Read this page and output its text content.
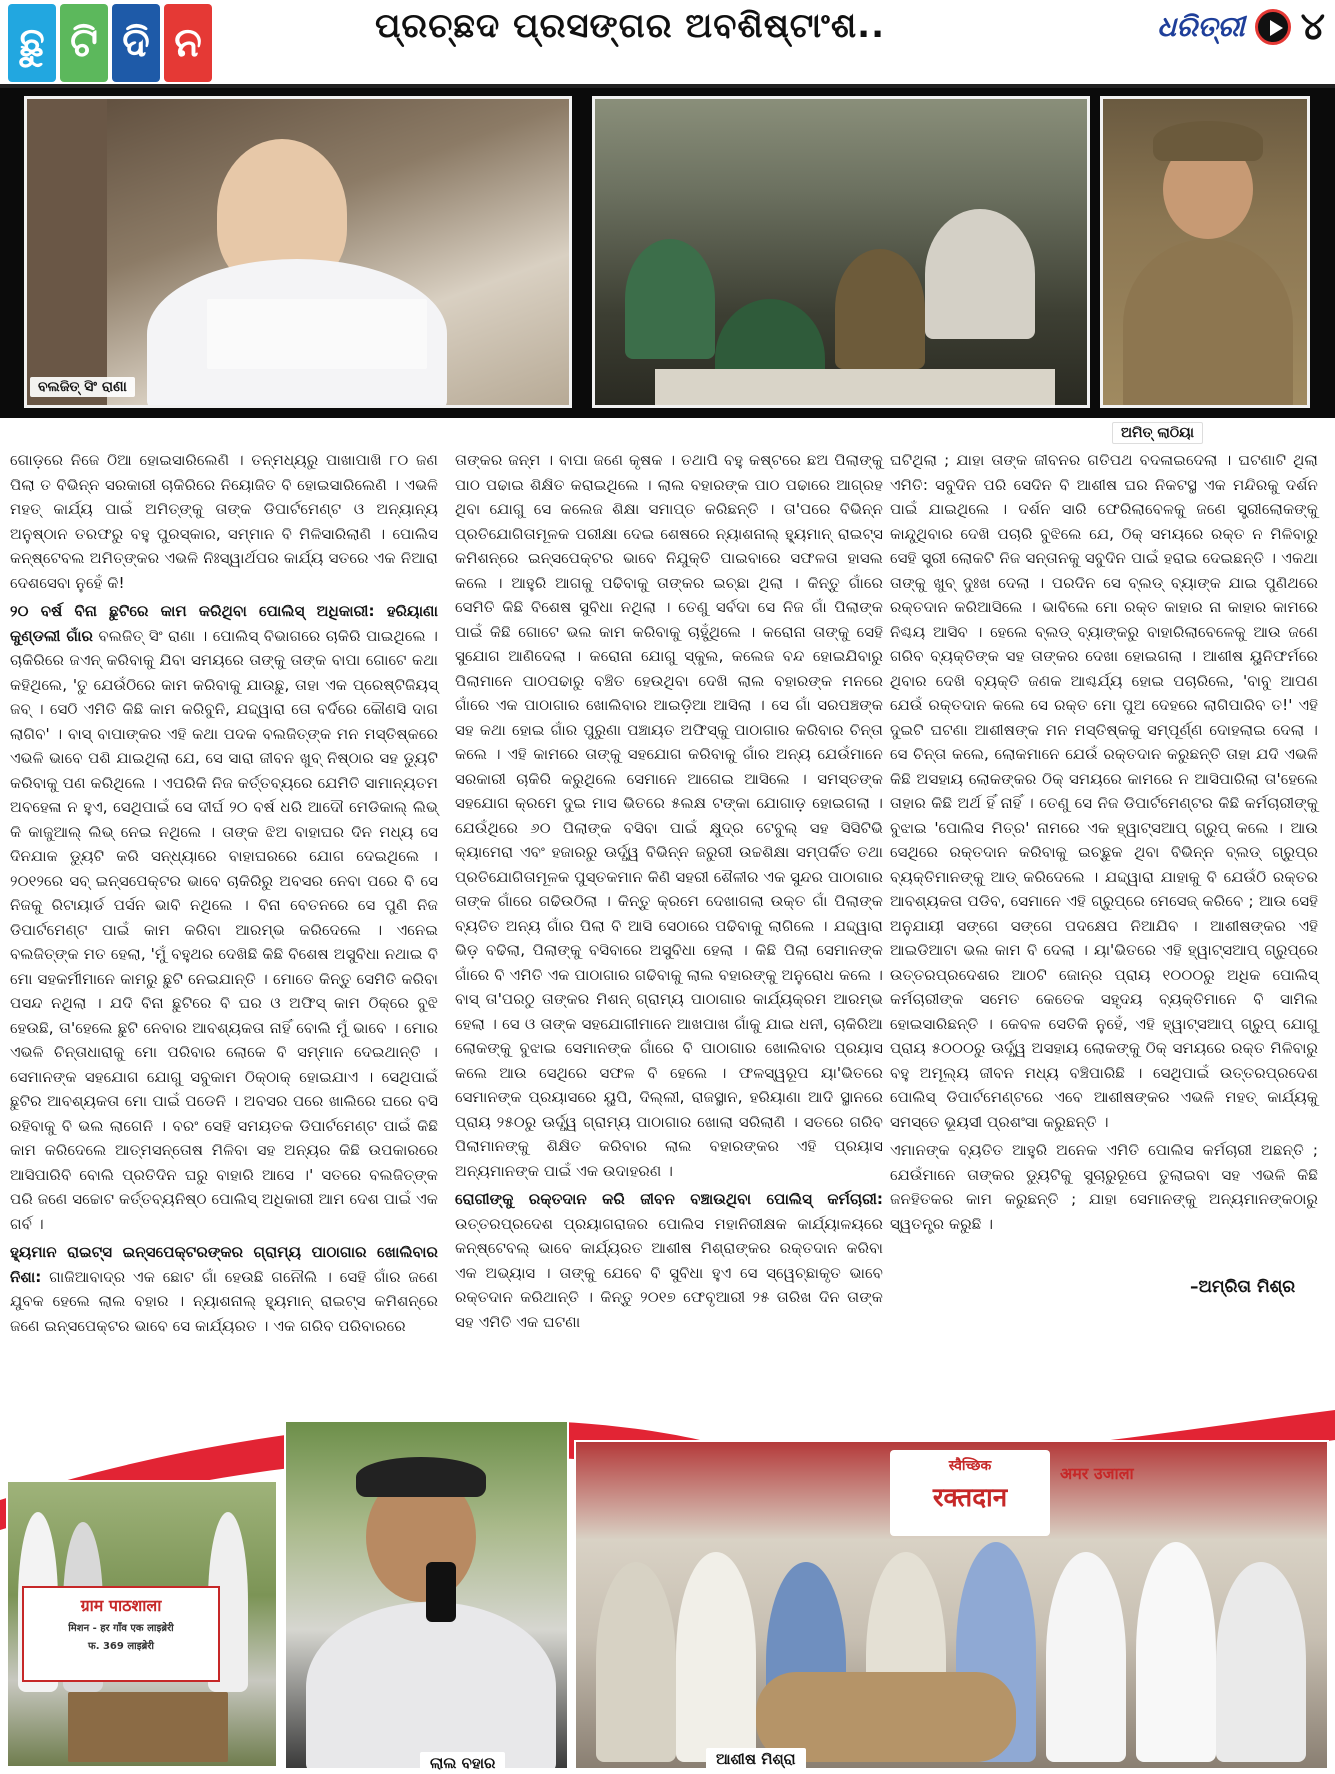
ଛୁ ଟି ଦି ନ	ପ୍ରଚ୍ଛଦ ପ୍ରସଙ୍ଗର ଅବଶିଷ୍ଟାଂଶ..	ଧରିତ୍ରୀ ୪
ବଲଜିତ୍ ସିଂ ରାଣା
ଅମିତ୍ ଲାଠିୟା

ଗୋଡ଼ରେ ନିଜେ ଠିଆ ହୋଇସାରିଲେଣି । ତନ୍ମଧ୍ୟରୁ ପାଖାପାଖି ୮୦ ଜଣ ପିଲା ତ ବିଭିନ୍ନ ସରକାରୀ ଚାକିରିରେ ନିୟୋଜିତ ବି ହୋଇସାରିଲେଣି । ଏଭଳି ମହତ୍ କାର୍ଯ୍ୟ ପାଇଁ ଅମିତ୍ଙ୍କୁ ତାଙ୍କ ଡିପାର୍ଟମେଣ୍ଟ ଓ ଅନ୍ୟାନ୍ୟ ଅନୁଷ୍ଠାନ ତରଫରୁ ବହୁ ପୁରସ୍କାର, ସମ୍ମାନ ବି ମିଳିସାରିଲାଣି । ପୋଲିସ କନ୍ଷ୍ଟେବଲ ଅମିତ୍ଙ୍କର ଏଭଳି ନିଃସ୍ୱାର୍ଥପର କାର୍ଯ୍ୟ ସତରେ ଏକ ନିଆରା ଦେଶସେବା ନୁହେଁ କି!

୨୦ ବର୍ଷ ବିନା ଛୁଟିରେ କାମ କରିଥିବା ପୋଲିସ୍ ଅଧିକାରୀ: ହରିୟାଣା କୁଣ୍ଡଲୀ ଗାଁର ବଲଜିତ୍ ସିଂ ରାଣା । ପୋଲିସ୍ ବିଭାଗରେ ଚାକିରି ପାଇଥିଲେ । ଚାକିରିରେ ଜଏନ୍ କରିବାକୁ ଯିବା ସମୟରେ ତାଙ୍କୁ ତାଙ୍କ ବାପା ଗୋଟେ କଥା କହିଥିଲେ, 'ତୁ ଯେଉଁଠିରେ କାମ କରିବାକୁ ଯାଉଛୁ, ତାହା ଏକ ପ୍ରେଷ୍ଟିଜିୟସ୍ ଜବ୍ । ସେଠି ଏମିତି କିଛି କାମ କରିବୁନି, ଯଦ୍ଦ୍ୱାରା ତୋ ବର୍ଦିରେ କୌଣସି ଦାଗ ଲାଗିବ' । ବାସ୍ ବାପାଙ୍କର ଏହି କଥା ପଦକ ବଲଜିତ୍ଙ୍କ ମନ ମସ୍ତିଷ୍କରେ ଏଭଳି ଭାବେ ପଶି ଯାଇଥିଲା ଯେ, ସେ ସାରା ଜୀବନ ଖୁବ୍ ନିଷ୍ଠାର ସହ ଡ୍ୟୁଟି କରିବାକୁ ପଣ କରିଥିଲେ । ଏପରିକି ନିଜ କର୍ତ୍ତବ୍ୟରେ ଯେମିତି ସାମାନ୍ୟତମ ଅବହେଳା ନ ହୁଏ, ସେଥିପାଇଁ ସେ ଦୀର୍ଘ ୨୦ ବର୍ଷ ଧରି ଆଦୌ ମେଡିକାଲ୍ ଲିଭ୍ କି କାଜୁଆଲ୍ ଲିଭ୍ ନେଇ ନଥିଲେ । ତାଙ୍କ ଝିଅ ବାହାଘର ଦିନ ମଧ୍ୟ ସେ ଦିନଯାକ ଡ୍ୟୁଟି କରି ସନ୍ଧ୍ୟାରେ ବାହାଘରରେ ଯୋଗ ଦେଇଥିଲେ । ୨୦୧୨ରେ ସବ୍ ଇନ୍ସପେକ୍ଟର ଭାବେ ଚାକିରିରୁ ଅବସର ନେବା ପରେ ବି ସେ ନିଜକୁ ରିଟାୟାର୍ଡ ପର୍ସନ ଭାବି ନଥିଲେ । ବିନା ବେତନରେ ସେ ପୁଣି ନିଜ ଡିପାର୍ଟମେଣ୍ଟ ପାଇଁ କାମ କରିବା ଆରମ୍ଭ କରିଦେଲେ । ଏନେଇ ବଲଜିତ୍ଙ୍କ ମତ ହେଲା, 'ମୁଁ ବହୁଥର ଦେଖିଛି କିଛି ବିଶେଷ ଅସୁବିଧା ନଥାଇ ବି ମୋ ସହକର୍ମୀମାନେ କାମରୁ ଛୁଟି ନେଇଯାନ୍ତି । ମୋତେ କିନ୍ତୁ ସେମିତି କରିବା ପସନ୍ଦ ନଥିଲା । ଯଦି ବିନା ଛୁଟିରେ ବି ଘର ଓ ଅଫିସ୍ କାମ ଠିକ୍‌ରେ ବୁଝି ହେଉଛି, ତା'ହେଲେ ଛୁଟି ନେବାର ଆବଶ୍ୟକତା ନାହିଁ ବୋଲି ମୁଁ ଭାବେ । ମୋର ଏଭଳି ଚିନ୍ତାଧାରାକୁ ମୋ ପରିବାର ଲୋକେ ବି ସମ୍ମାନ ଦେଇଥାନ୍ତି । ସେମାନଙ୍କ ସହଯୋଗ ଯୋଗୁ ସବୁକାମ ଠିକ୍‌ଠାକ୍ ହୋଇଯାଏ । ସେଥିପାଇଁ ଛୁଟିର ଆବଶ୍ୟକତା ମୋ ପାଇଁ ପଡେନି । ଅବସର ପରେ ଖାଲିରେ ଘରେ ବସି ରହିବାକୁ ବି ଭଲ ଲାଗେନି । ବରଂ ସେହି ସମୟତକ ଡିପାର୍ଟମେଣ୍ଟ ପାଇଁ କିଛି କାମ କରିଦେଲେ ଆତ୍ମସନ୍ତୋଷ ମିଳିବା ସହ ଅନ୍ୟର କିଛି ଉପକାରରେ ଆସିପାରିବି ବୋଲି ପ୍ରତିଦିନ ଘରୁ ବାହାରି ଆସେ ।' ସତରେ ବଲଜିତ୍ଙ୍କ ପରି ଜଣେ ସଚ୍ଚୋଟ କର୍ତ୍ତବ୍ୟନିଷ୍ଠ ପୋଲିସ୍ ଅଧିକାରୀ ଆମ ଦେଶ ପାଇଁ ଏକ ଗର୍ବ ।

ହ୍ୟୁମାନ ରାଇଟ୍ସ ଇନ୍ସପେକ୍ଟରଙ୍କର ଗ୍ରାମ୍ୟ ପାଠାଗାର ଖୋଲିବାର ନିଶା: ଗାଜିଆବାଦ୍‌ର ଏକ ଛୋଟ ଗାଁ ହେଉଛି ଗନୌଲି । ସେହି ଗାଁର ଜଣେ ଯୁବକ ହେଲେ ଲାଲ ବହାର । ନ୍ୟାଶନାଲ୍ ହ୍ୟୁମାନ୍ ରାଇଟ୍ସ କମିଶନ୍‌ରେ ଜଣେ ଇନ୍ସପେକ୍ଟର ଭାବେ ସେ କାର୍ଯ୍ୟରତ । ଏକ ଗରିବ ପରିବାରରେ

ତାଙ୍କର ଜନ୍ମ । ବାପା ଜଣେ କୃଷକ । ତଥାପି ବହୁ କଷ୍ଟରେ ଛଅ ପିଲାଙ୍କୁ ପାଠ ପଢାଇ ଶିକ୍ଷିତ କରାଇଥିଲେ । ଲାଲ ବହାରଙ୍କ ପାଠ ପଢାରେ ଆଗ୍ରହ ଥିବା ଯୋଗୁ ସେ କଲେଜ ଶିକ୍ଷା ସମାପ୍ତ କରିଛନ୍ତି । ତା'ପରେ ବିଭିନ୍ନ ପ୍ରତିଯୋଗିତାମୂଳକ ପରୀକ୍ଷା ଦେଇ ଶେଷରେ ନ୍ୟାଶନାଲ୍ ହ୍ୟୁମାନ୍ ରାଇଟ୍ସ କମିଶନ୍‌ରେ ଇନ୍ସପେକ୍ଟର ଭାବେ ନିଯୁକ୍ତି ପାଇବାରେ ସଫଳତା ହାସଲ କଲେ । ଆହୁରି ଆଗକୁ ପଢିବାକୁ ତାଙ୍କର ଇଚ୍ଛା ଥିଲା । କିନ୍ତୁ ଗାଁରେ ସେମିତି କିଛି ବିଶେଷ ସୁବିଧା ନଥିଲା । ତେଣୁ ସର୍ବଦା ସେ ନିଜ ଗାଁ ପିଲାଙ୍କ ପାଇଁ କିଛି ଗୋଟେ ଭଲ କାମ କରିବାକୁ ଚାହୁଁଥିଲେ । କରୋନା ତାଙ୍କୁ ସେହି ସୁଯୋଗ ଆଣିଦେଲା । କରୋନା ଯୋଗୁ ସ୍କୁଲ, କଲେଜ ବନ୍ଦ ହୋଇଯିବାରୁ ପିଲାମାନେ ପାଠପଢାରୁ ବଞ୍ଚିତ ହେଉଥିବା ଦେଖି ଲାଲ ବହାରଙ୍କ ମନରେ ଗାଁରେ ଏକ ପାଠାଗାର ଖୋଲିବାର ଆଇଡ଼ିଆ ଆସିଲା । ସେ ଗାଁ ସରପଞ୍ଚଙ୍କ ସହ କଥା ହୋଇ ଗାଁର ପୁରୁଣା ପଞ୍ଚାୟତ ଅଫିସ୍‌କୁ ପାଠାଗାର କରିବାର ଚିନ୍ତା କଲେ । ଏହି କାମରେ ତାଙ୍କୁ ସହଯୋଗ କରିବାକୁ ଗାଁର ଅନ୍ୟ ଯେଉଁମାନେ ସରକାରୀ ଚାକିରି କରୁଥିଲେ ସେମାନେ ଆଗେଇ ଆସିଲେ । ସମସ୍ତଙ୍କ ସହଯୋଗ କ୍ରମେ ଦୁଇ ମାସ ଭିତରେ ୫ଲକ୍ଷ ଟଙ୍କା ଯୋଗାଡ଼ ହୋଇଗଲା । ଯେଉଁଥିରେ ୬୦ ପିଲାଙ୍କ ବସିବା ପାଇଁ କ୍ଷୁଦ୍ର ଟେବୁଲ୍ ସହ ସିସିଟିଭି କ୍ୟାମେରା ଏବଂ ହଜାରରୁ ଊର୍ଦ୍ଧ୍ୱ ବିଭିନ୍ନ ଜରୁରୀ ଉଚ୍ଚଶିକ୍ଷା ସମ୍ପର୍କିତ ତଥା ପ୍ରତିଯୋଗିତାମୂଳକ ପୁସ୍ତକମାନ କିଣି ସହରୀ ଶୈଳୀର ଏକ ସୁନ୍ଦର ପାଠାଗାର ତାଙ୍କ ଗାଁରେ ଗଢିଉଠିଲା । କିନ୍ତୁ କ୍ରମେ ଦେଖାଗଲା ଉକ୍ତ ଗାଁ ପିଲାଙ୍କ ବ୍ୟତିତ ଅନ୍ୟ ଗାଁର ପିଲା ବି ଆସି ସେଠାରେ ପଢିବାକୁ ଲାଗିଲେ । ଯଦ୍ଦ୍ୱାରା ଭିଡ଼ ବଢିଲା, ପିଲାଙ୍କୁ ବସିବାରେ ଅସୁବିଧା ହେଲା । କିଛି ପିଲା ସେମାନଙ୍କ ଗାଁରେ ବି ଏମିତି ଏକ ପାଠାଗାର ଗଢିବାକୁ ଲାଲ ବହାରଙ୍କୁ ଅନୁରୋଧ କଲେ । ବାସ୍ ତା'ପରଠୁ ତାଙ୍କର ମିଶନ୍ ଗ୍ରାମ୍ୟ ପାଠାଗାର କାର୍ଯ୍ୟକ୍ରମ ଆରମ୍ଭ ହେଲା । ସେ ଓ ତାଙ୍କ ସହଯୋଗୀମାନେ ଆଖପାଖ ଗାଁକୁ ଯାଇ ଧନୀ, ଚାକିରିଆ ଲୋକଙ୍କୁ ବୁଝାଇ ସେମାନଙ୍କ ଗାଁରେ ବି ପାଠାଗାର ଖୋଲିବାର ପ୍ରୟାସ କଲେ ଆଉ ସେଥିରେ ସଫଳ ବି ହେଲେ । ଫଳସ୍ୱରୂପ ୟା'ଭିତରେ ସେମାନଙ୍କ ପ୍ରୟାସରେ ୟୁପି, ଦିଲ୍ଲୀ, ରାଜସ୍ଥାନ, ହରିୟାଣା ଆଦି ସ୍ଥାନରେ ପ୍ରାୟ ୨୫୦ରୁ ଊର୍ଦ୍ଧ୍ୱ ଗ୍ରାମ୍ୟ ପାଠାଗାର ଖୋଲା ସରିଲାଣି । ସତରେ ଗରିବ ପିଲାମାନଙ୍କୁ ଶିକ୍ଷିତ କରିବାର ଲାଲ ବହାରଙ୍କର ଏହି ପ୍ରୟାସ ଅନ୍ୟମାନଙ୍କ ପାଇଁ ଏକ ଉଦାହରଣ ।

ରୋଗୀଙ୍କୁ ରକ୍ତଦାନ କରି ଜୀବନ ବଞ୍ଚାଉଥିବା ପୋଲିସ୍ କର୍ମଚାରୀ: ଉତ୍ତରପ୍ରଦେଶ ପ୍ରୟାଗରାଜର ପୋଲିସ ମହାନିରୀକ୍ଷକ କାର୍ଯ୍ୟାଳୟରେ କନ୍ଷ୍ଟେବଲ୍ ଭାବେ କାର୍ଯ୍ୟରତ ଆଶୀଷ ମିଶ୍ରାଙ୍କର ରକ୍ତଦାନ କରିବା ଏକ ଅଭ୍ୟାସ । ତାଙ୍କୁ ଯେବେ ବି ସୁବିଧା ହୁଏ ସେ ସ୍ୱେଚ୍ଛାକୃତ ଭାବେ ରକ୍ତଦାନ କରିଥାନ୍ତି । କିନ୍ତୁ ୨୦୧୭ ଫେବୃଆରୀ ୨୫ ତାରିଖ ଦିନ ତାଙ୍କ ସହ ଏମିତି ଏକ ଘଟଣା

ଘଟିଥିଲା ; ଯାହା ତାଙ୍କ ଜୀବନର ଗତିପଥ ବଦଳାଇଦେଲା । ଘଟଣାଟି ଥିଲା ଏମିତି: ସବୁଦିନ ପରି ସେଦିନ ବି ଆଶୀଷ ଘର ନିକଟସ୍ଥ ଏକ ମନ୍ଦିରକୁ ଦର୍ଶନ ପାଇଁ ଯାଇଥିଲେ । ଦର୍ଶନ ସାରି ଫେରିଲାବେଳକୁ ଜଣେ ସ୍ତ୍ରୀଲୋକଙ୍କୁ କାନ୍ଦୁଥିବାର ଦେଖି ପଚାରି ବୁଝିଲେ ଯେ, ଠିକ୍ ସମୟରେ ରକ୍ତ ନ ମିଳିବାରୁ ସେହି ସ୍ତ୍ରୀ ଲୋକଟି ନିଜ ସନ୍ତାନକୁ ସବୁଦିନ ପାଇଁ ହରାଇ ଦେଇଛନ୍ତି । ଏକଥା ତାଙ୍କୁ ଖୁବ୍ ଦୁଃଖ ଦେଲା । ପରଦିନ ସେ ବ୍ଲଡ୍ ବ୍ୟାଙ୍କ ଯାଇ ପୁଣିଥରେ ରକ୍ତଦାନ କରିଆସିଲେ । ଭାବିଲେ ମୋ ରକ୍ତ କାହାର ନା କାହାର କାମରେ ନିଶ୍ଚୟ ଆସିବ । ହେଲେ ବ୍ଲଡ୍ ବ୍ୟାଙ୍କରୁ ବାହାରିଲାବେଳେକୁ ଆଉ ଜଣେ ଗରିବ ବ୍ୟକ୍ତିଙ୍କ ସହ ତାଙ୍କର ଦେଖା ହୋଇଗଲା । ଆଶୀଷ ୟୁନିଫର୍ମରେ ଥିବାର ଦେଖି ବ୍ୟକ୍ତି ଜଣକ ଆଶ୍ଚର୍ଯ୍ୟ ହୋଇ ପଚାରିଲେ, 'ବାବୁ ଆପଣ ଯେଉଁ ରକ୍ତଦାନ କଲେ ସେ ରକ୍ତ ମୋ ପୁଅ ଦେହରେ ଲାଗିପାରିବ ତ!' ଏହି ଦୁଇଟି ଘଟଣା ଆଶୀଷଙ୍କ ମନ ମସ୍ତିଷ୍କକୁ ସମ୍ପୂର୍ଣ୍ଣ ଦୋହଲାଇ ଦେଲା । ସେ ଚିନ୍ତା କଲେ, ଲୋକମାନେ ଯେଉଁ ରକ୍ତଦାନ କରୁଛନ୍ତି ତାହା ଯଦି ଏଭଳି କିଛି ଅସହାୟ ଲୋକଙ୍କର ଠିକ୍ ସମୟରେ କାମରେ ନ ଆସିପାରିଲା ତା'ହେଲେ ତାହାର କିଛି ଅର୍ଥ ହିଁ ନାହିଁ । ତେଣୁ ସେ ନିଜ ଡିପାର୍ଟମେଣ୍ଟର କିଛି କର୍ମଚାରୀଙ୍କୁ ବୁଝାଇ 'ପୋଲିସ ମିତ୍ର' ନାମରେ ଏକ ହ୍ୱାଟ୍ସଆପ୍ ଗ୍ରୁପ୍ କଲେ । ଆଉ ସେଥିରେ ରକ୍ତଦାନ କରିବାକୁ ଇଚ୍ଛୁକ ଥିବା ବିଭିନ୍ନ ବ୍ଲଡ୍ ଗ୍ରୁପ୍‌ର ବ୍ୟକ୍ତିମାନଙ୍କୁ ଆଡ୍ କରିଦେଲେ । ଯଦ୍ଦ୍ୱାରା ଯାହାକୁ ବି ଯେଉଁଠି ରକ୍ତର ଆବଶ୍ୟକତା ପଡିବ, ସେମାନେ ଏହି ଗ୍ରୁପ୍‌ରେ ମେସେଜ୍ କରିବେ ; ଆଉ ସେହି ଅନୁଯାୟୀ ସଙ୍ଗେ ସଙ୍ଗେ ପଦକ୍ଷେପ ନିଆଯିବ । ଆଶୀଷଙ୍କର ଏହି ଆଇଡିଆଟା ଭଲ କାମ ବି ଦେଲା । ୟା'ଭିତରେ ଏହି ହ୍ୱାଟ୍ସଆପ୍ ଗ୍ରୁପ୍‌ରେ ଉତ୍ତରପ୍ରଦେଶର ଆଠଟି ଜୋନ୍‌ର ପ୍ରାୟ ୧୦୦୦ରୁ ଅଧିକ ପୋଲିସ୍ କର୍ମଚାରୀଙ୍କ ସମେତ କେତେକ ସହୃଦୟ ବ୍ୟକ୍ତିମାନେ ବି ସାମିଲ ହୋଇସାରିଛନ୍ତି । କେବଳ ସେତିକି ନୁହେଁ, ଏହି ହ୍ୱାଟ୍ସଆପ୍ ଗ୍ରୁପ୍ ଯୋଗୁ ପ୍ରାୟ ୫୦୦୦ରୁ ଊର୍ଦ୍ଧ୍ୱ ଅସହାୟ ଲୋକଙ୍କୁ ଠିକ୍ ସମୟରେ ରକ୍ତ ମିଳିବାରୁ ବହୁ ଅମୂଲ୍ୟ ଜୀବନ ମଧ୍ୟ ବଞ୍ଚିପାରିଛି । ସେଥିପାଇଁ ଉତ୍ତରପ୍ରଦେଶ ପୋଲିସ୍ ଡିପାର୍ଟମେଣ୍ଟରେ ଏବେ ଆଶୀଷଙ୍କର ଏଭଳି ମହତ୍ କାର୍ଯ୍ୟକୁ ସମସ୍ତେ ଭୂୟସୀ ପ୍ରଶଂସା କରୁଛନ୍ତି ।

ଏମାନଙ୍କ ବ୍ୟତିତ ଆହୁରି ଅନେକ ଏମିତି ପୋଲିସ କର୍ମଚାରୀ ଅଛନ୍ତି ; ଯେଉଁମାନେ ତାଙ୍କର ଡ୍ୟୁଟିକୁ ସୁଚାରୁରୂପେ ତୁଲାଇବା ସହ ଏଭଳି କିଛି ଜନହିତକର କାମ କରୁଛନ୍ତି ; ଯାହା ସେମାନଙ୍କୁ ଅନ୍ୟମାନଙ୍କଠାରୁ ସ୍ୱତନ୍ତ୍ର କରୁଛି ।

–ଅମ୍ରିତା ମିଶ୍ର
ग्राम पाठशाला
मिशन - हर गाँव एक लाइब्रेरी
फ. 369 लाइब्रेरी
ଲାଲ ବହାର
स्वैच्छिक
रक्तदान
अमर उजाला
ଆଶୀଷ ମିଶ୍ରା
